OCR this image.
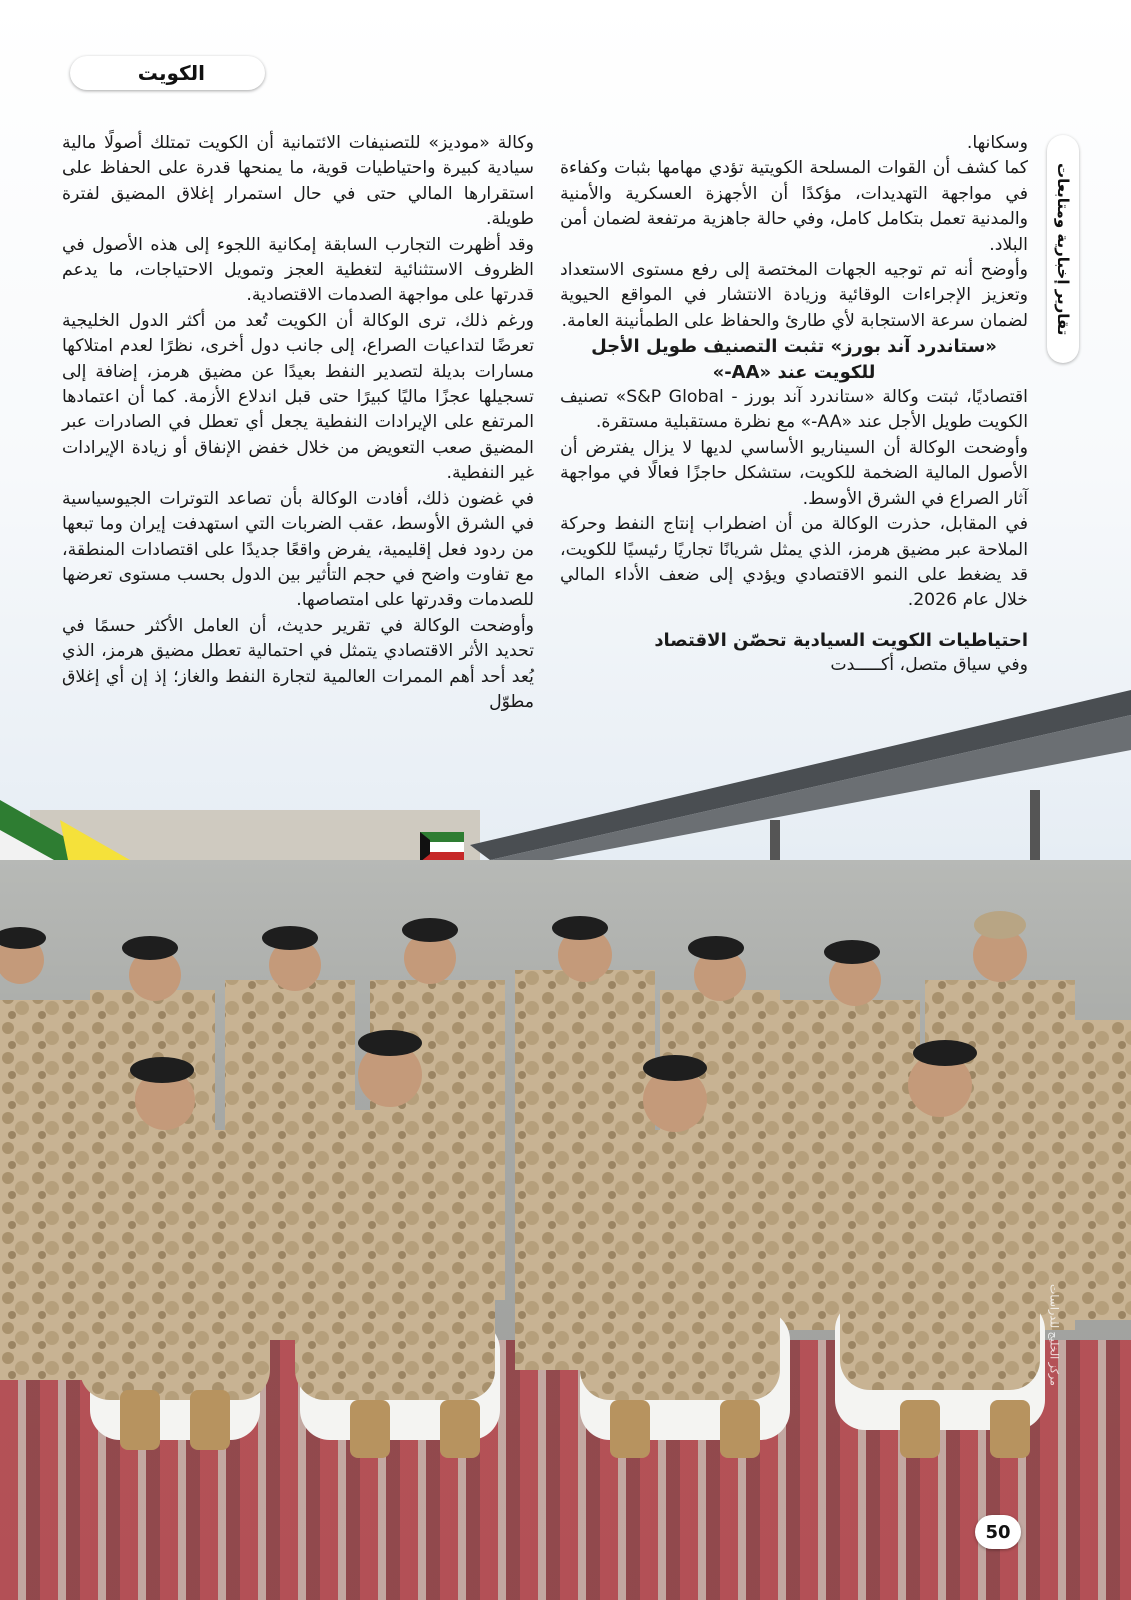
الكويت
تقارير إخبارية ومتابعات
مركز الخليج للدراسات
50

وسكانها.

كما كشف أن القوات المسلحة الكويتية تؤدي مهامها بثبات وكفاءة في مواجهة التهديدات، مؤكدًا أن الأجهزة العسكرية والأمنية والمدنية تعمل بتكامل كامل، وفي حالة جاهزية مرتفعة لضمان أمن البلاد.

وأوضح أنه تم توجيه الجهات المختصة إلى رفع مستوى الاستعداد وتعزيز الإجراءات الوقائية وزيادة الانتشار في المواقع الحيوية لضمان سرعة الاستجابة لأي طارئ والحفاظ على الطمأنينة العامة.

«ستاندرد آند بورز» تثبت التصنيف طويل الأجل للكويت عند «AA-»

اقتصاديًا، ثبتت وكالة «ستاندرد آند بورز - S&P Global» تصنيف الكويت طويل الأجل عند «AA-» مع نظرة مستقبلية مستقرة.

وأوضحت الوكالة أن السيناريو الأساسي لديها لا يزال يفترض أن الأصول المالية الضخمة للكويت، ستشكل حاجزًا فعالًا في مواجهة آثار الصراع في الشرق الأوسط.

في المقابل، حذرت الوكالة من أن اضطراب إنتاج النفط وحركة الملاحة عبر مضيق هرمز، الذي يمثل شريانًا تجاريًا رئيسيًا للكويت، قد يضغط على النمو الاقتصادي ويؤدي إلى ضعف الأداء المالي خلال عام 2026.

احتياطيات الكويت السيادية تحصّن الاقتصاد

وفي سياق متصل، أكـــــدت

وكالة «موديز» للتصنيفات الائتمانية أن الكويت تمتلك أصولًا مالية سيادية كبيرة واحتياطيات قوية، ما يمنحها قدرة على الحفاظ على استقرارها المالي حتى في حال استمرار إغلاق المضيق لفترة طويلة.

وقد أظهرت التجارب السابقة إمكانية اللجوء إلى هذه الأصول في الظروف الاستثنائية لتغطية العجز وتمويل الاحتياجات، ما يدعم قدرتها على مواجهة الصدمات الاقتصادية.

ورغم ذلك، ترى الوكالة أن الكويت تُعد من أكثر الدول الخليجية تعرضًا لتداعيات الصراع، إلى جانب دول أخرى، نظرًا لعدم امتلاكها مسارات بديلة لتصدير النفط بعيدًا عن مضيق هرمز، إضافة إلى تسجيلها عجزًا ماليًا كبيرًا حتى قبل اندلاع الأزمة. كما أن اعتمادها المرتفع على الإيرادات النفطية يجعل أي تعطل في الصادرات عبر المضيق صعب التعويض من خلال خفض الإنفاق أو زيادة الإيرادات غير النفطية.

في غضون ذلك، أفادت الوكالة بأن تصاعد التوترات الجيوسياسية في الشرق الأوسط، عقب الضربات التي استهدفت إيران وما تبعها من ردود فعل إقليمية، يفرض واقعًا جديدًا على اقتصادات المنطقة، مع تفاوت واضح في حجم التأثير بين الدول بحسب مستوى تعرضها للصدمات وقدرتها على امتصاصها.

وأوضحت الوكالة في تقرير حديث، أن العامل الأكثر حسمًا في تحديد الأثر الاقتصادي يتمثل في احتمالية تعطل مضيق هرمز، الذي يُعد أحد أهم الممرات العالمية لتجارة النفط والغاز؛ إذ إن أي إغلاق مطوّل
